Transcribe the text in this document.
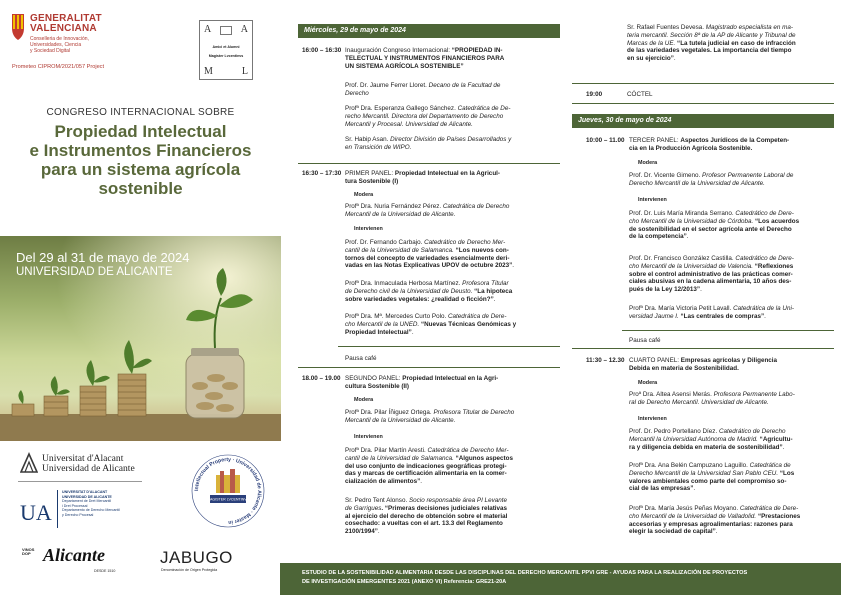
GENERALITAT
VALENCIANA
Conselleria de Innovación,
Universidades, Ciencia
y Sociedad Digital
Prometeo CIPROM/2021/057 Project
A	A
Amici et Alumni
Magister Lvcentinvs
M	L
CONGRESO INTERNACIONAL SOBRE
Propiedad Intelectual
e Instrumentos Financieros
para un sistema agrícola
sostenible
Del 29 al 31 de mayo de 2024
UNIVERSIDAD DE ALICANTE
Universitat d'Alacant
Universidad de Alicante
UA
UNIVERSITAT D'ALACANT
UNIVERSIDAD DE ALICANTE
Departament de Dret Mercantil
i Dret Processal
Departamento de Derecho Mercantil
y Derecho Procesal
Intellectual Property · Universidad de Alicante · Master in
MAGISTER LVCENTINVS
VINOS
DOP Alicante
DESDE 1510
JABUGO
Denominación de Origen Protegida
Miércoles, 29 de mayo de 2024
16:00 – 16:30 Inauguración Congreso Internacional: “PROPIEDAD IN-
TELECTUAL Y INSTRUMENTOS FINANCIEROS PARA
UN SISTEMA AGRÍCOLA SOSTENIBLE”
Prof. Dr. Jaume Ferrer Lloret. Decano de la Facultad de
Derecho
Profª Dra. Esperanza Gallego Sánchez. Catedrática de De-
recho Mercantil. Directora del Departamento de Derecho
Mercantil y Procesal. Universidad de Alicante.
Sr. Habip Asan. Director División de Países Desarrollados y
en Transición de WIPO.
16:30 – 17:30 PRIMER PANEL: Propiedad Intelectual en la Agricul-
tura Sostenible (I)
Modera
Profª Dra. Nuria Fernández Pérez. Catedrática de Derecho
Mercantil de la Universidad de Alicante.
Intervienen
Prof. Dr. Fernando Carbajo. Catedrático de Derecho Mer-
cantil de la Universidad de Salamanca. “Los nuevos con-
tornos del concepto de variedades esencialmente deri-
vadas en las Notas Explicativas UPOV de octubre 2023”.
Profª Dra. Inmaculada Herbosa Martínez. Profesora Titular
de Derecho civil de la Universidad de Deusto. “La hipoteca
sobre variedades vegetales: ¿realidad o ficción?”.
Profª Dra. Mª. Mercedes Curto Polo. Catedrática de Dere-
cho Mercantil de la UNED. “Nuevas Técnicas Genómicas y
Propiedad Intelectual”.
Pausa café
18.00 – 19.00 SEGUNDO PANEL: Propiedad Intelectual en la Agri-
cultura Sostenible (II)
Modera
Profª Dra. Pilar Íñiguez Ortega. Profesora Titular de Derecho
Mercantil de la Universidad de Alicante.
Intervienen
Profª Dra. Pilar Martín Aresti. Catedrática de Derecho Mer-
cantil de la Universidad de Salamanca. “Algunos aspectos
del uso conjunto de indicaciones geográficas protegi-
das y marcas de certificación alimentaria en la comer-
cialización de alimentos”.
Sr. Pedro Tent Alonso. Socio responsable área PI Levante
de Garrigues. “Primeras decisiones judiciales relativas
al ejercicio del derecho de obtención sobre el material
cosechado: a vueltas con el art. 13.3 del Reglamento
2100/1994”.
Sr. Rafael Fuentes Devesa. Magistrado especialista en ma-
teria mercantil. Sección 8ª de la AP de Alicante y Tribunal de
Marcas de la UE. “La tutela judicial en caso de infracción
de las variedades vegetales. La importancia del tiempo
en su ejercicio”.
19:00	CÓCTEL
Jueves, 30 de mayo de 2024
10:00 – 11.00 TERCER PANEL: Aspectos Jurídicos de la Competen-
cia en la Producción Agrícola Sostenible.
Modera
Prof. Dr. Vicente Gimeno. Profesor Permanente Laboral de
Derecho Mercantil de la Universidad de Alicante.
Intervienen
Prof. Dr. Luis María Miranda Serrano. Catedrático de Dere-
cho Mercantil de la Universidad de Córdoba. “Los acuerdos
de sostenibilidad en el sector agrícola ante el Derecho
de la competencia”.
Prof. Dr. Francisco González Castilla. Catedrático de Dere-
cho Mercantil de la Universidad de Valencia. “Reflexiones
sobre el control administrativo de las prácticas comer-
ciales abusivas en la cadena alimentaria, 10 años des-
pués de la Ley 12/2013”.
Profª Dra. María Victoria Petit Lavall. Catedrática de la Uni-
versidad Jaume I. “Las centrales de compras”.
Pausa café
11:30 – 12.30 CUARTO PANEL: Empresas agrícolas y Diligencia
Debida en materia de Sostenibilidad.
Modera
Proª Dra. Altea Asensi Merás. Profesora Permanente Labo-
ral de Derecho Mercantil. Universidad de Alicante.
Intervienen
Prof. Dr. Pedro Portellano Díez. Catedrático de Derecho
Mercantil la Universidad Autónoma de Madrid. “Agricultu-
ra y diligencia debida en materia de sostenibilidad”.
Profª Dra. Ana Belén Campuzano Laguillo. Catedrática de
Derecho Mercantil de la Universidad San Pablo CEU. “Los
valores ambientales como parte del compromiso so-
cial de las empresas”.
Profª Dra. María Jesús Peñas Moyano. Catedrática de Dere-
cho Mercantil de la Universidad de Valladolid. “Prestaciones
accesorias y empresas agroalimentarias: razones para
elegir la sociedad de capital”.
ESTUDIO DE LA SOSTENIBILIDAD ALIMENTARIA DESDE LAS DISCIPLINAS DEL DERECHO MERCANTIL PPVI GRE - AYUDAS PARA LA REALIZACIÓN DE PROYECTOS
DE INVESTIGACIÓN EMERGENTES 2021 (ANEXO VI) Referencia: GRE21-20A
